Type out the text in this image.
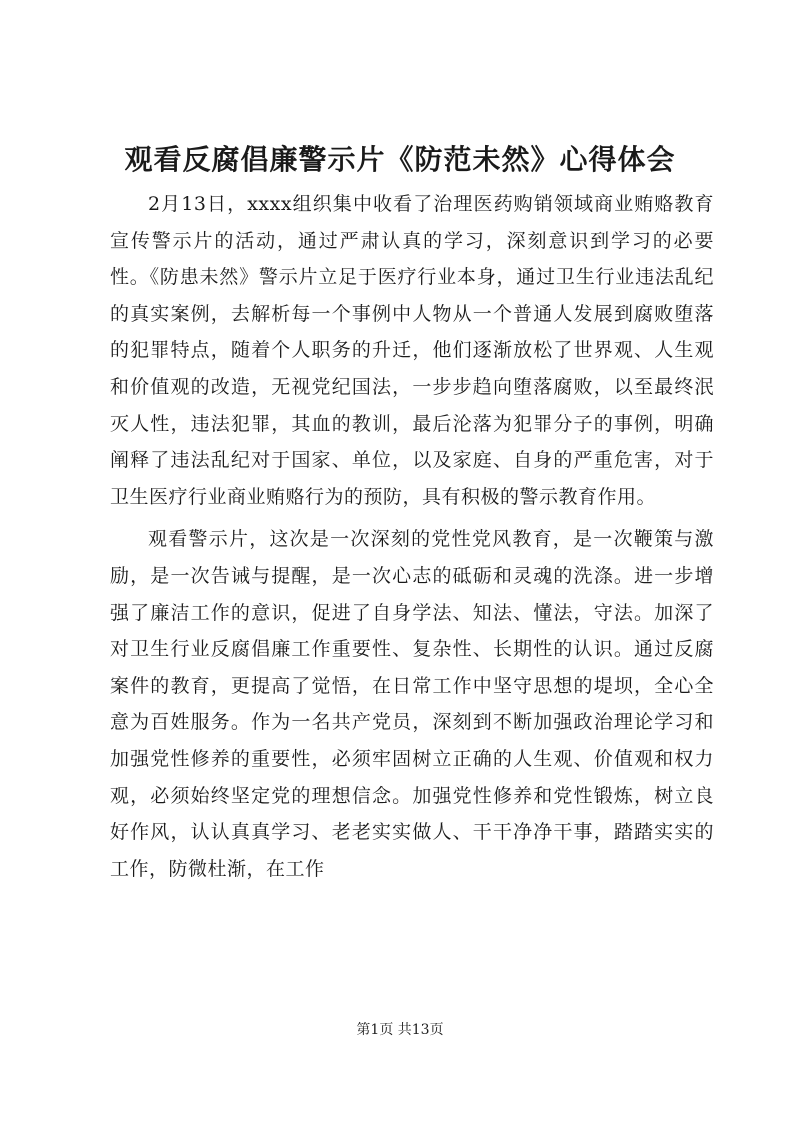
观看反腐倡廉警示片《防范未然》心得体会

2月13日，xxxx组织集中收看了治理医药购销领域商业贿赂教育宣传警示片的活动，通过严肃认真的学习，深刻意识到学习的必要性。《防患未然》警示片立足于医疗行业本身，通过卫生行业违法乱纪的真实案例，去解析每一个事例中人物从一个普通人发展到腐败堕落的犯罪特点，随着个人职务的升迁，他们逐渐放松了世界观、人生观和价值观的改造，无视党纪国法，一步步趋向堕落腐败，以至最终泯灭人性，违法犯罪，其血的教训，最后沦落为犯罪分子的事例，明确阐释了违法乱纪对于国家、单位，以及家庭、自身的严重危害，对于卫生医疗行业商业贿赂行为的预防，具有积极的警示教育作用。

观看警示片，这次是一次深刻的党性党风教育，是一次鞭策与激励，是一次告诫与提醒，是一次心志的砥砺和灵魂的洗涤。进一步增强了廉洁工作的意识，促进了自身学法、知法、懂法，守法。加深了对卫生行业反腐倡廉工作重要性、复杂性、长期性的认识。通过反腐案件的教育，更提高了觉悟，在日常工作中坚守思想的堤坝，全心全意为百姓服务。作为一名共产党员，深刻到不断加强政治理论学习和加强党性修养的重要性，必须牢固树立正确的人生观、价值观和权力观，必须始终坚定党的理想信念。加强党性修养和党性锻炼，树立良好作风，认认真真学习、老老实实做人、干干净净干事，踏踏实实的工作，防微杜渐，在工作

第1页 共13页
